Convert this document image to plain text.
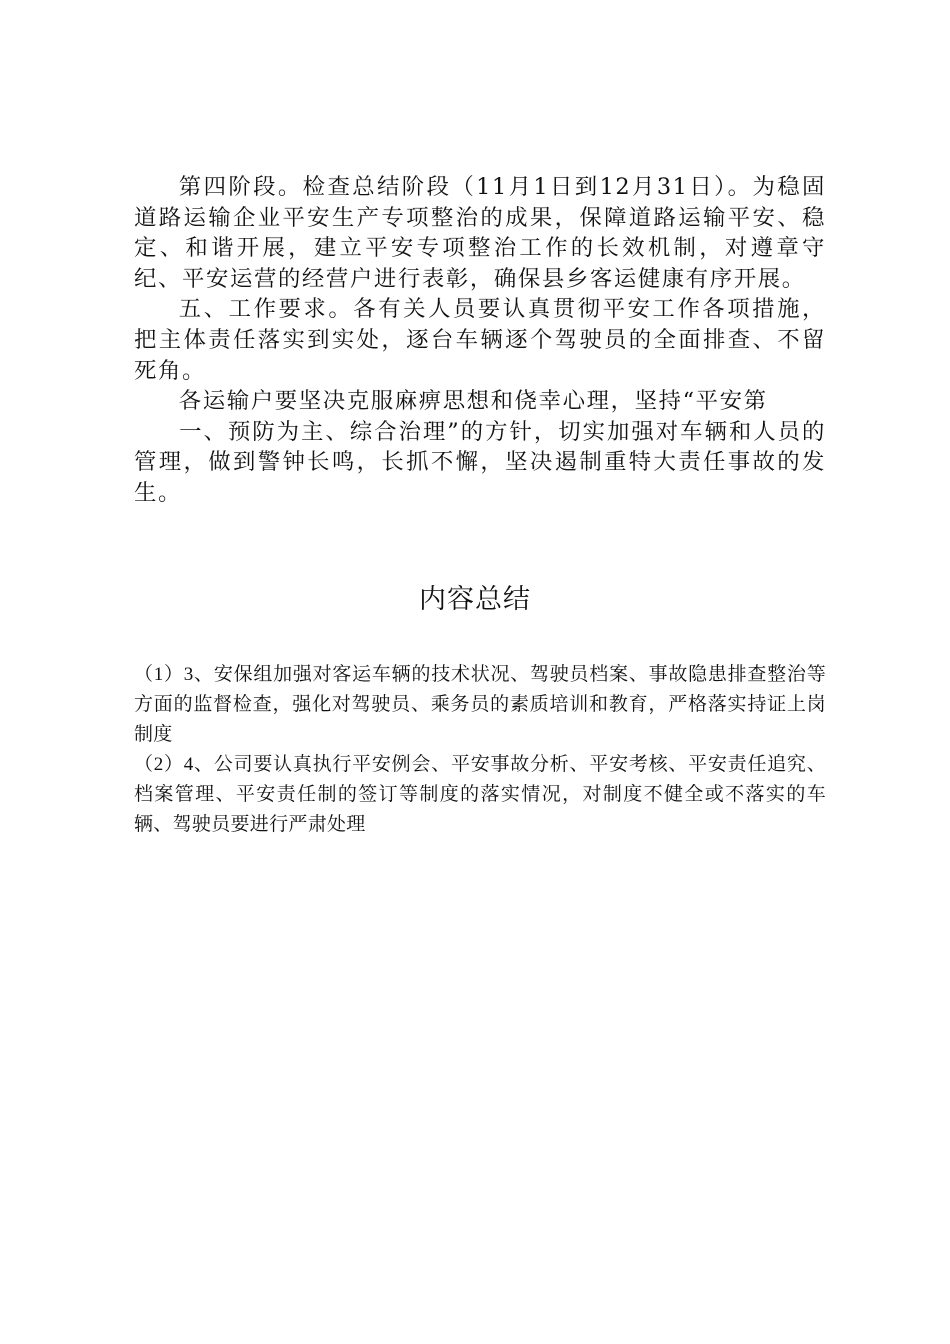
第四阶段。检查总结阶段（11月1日到12月31日）。为稳固道路运输企业平安生产专项整治的成果，保障道路运输平安、稳定、和谐开展，建立平安专项整治工作的长效机制，对遵章守纪、平安运营的经营户进行表彰，确保县乡客运健康有序开展。

五、工作要求。各有关人员要认真贯彻平安工作各项措施，把主体责任落实到实处，逐台车辆逐个驾驶员的全面排查、不留死角。

各运输户要坚决克服麻痹思想和侥幸心理，坚持“平安第

一、预防为主、综合治理”的方针，切实加强对车辆和人员的管理，做到警钟长鸣，长抓不懈，坚决遏制重特大责任事故的发生。

内容总结

（1）3、安保组加强对客运车辆的技术状况、驾驶员档案、事故隐患排查整治等方面的监督检查，强化对驾驶员、乘务员的素质培训和教育，严格落实持证上岗制度

（2）4、公司要认真执行平安例会、平安事故分析、平安考核、平安责任追究、档案管理、平安责任制的签订等制度的落实情况，对制度不健全或不落实的车辆、驾驶员要进行严肃处理
